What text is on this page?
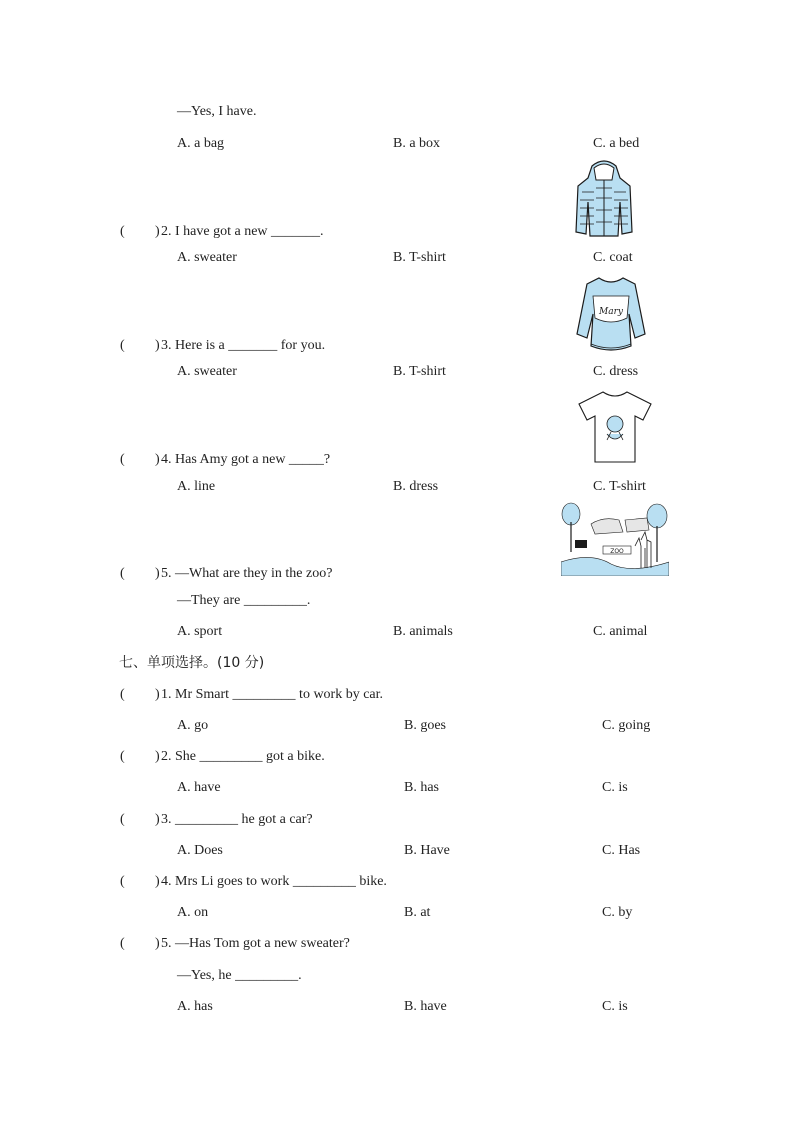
—Yes, I have.
A. a bag	B. a box	C. a bed
( ) 2. I have got a new _______.
A. sweater	B. T-shirt	C. coat
Mary
( ) 3. Here is a _______ for you.
A. sweater	B. T-shirt	C. dress
( ) 4. Has Amy got a new _____?
A. line	B. dress	C. T-shirt
ZOO
( ) 5. —What are they in the zoo?
—They are _________.
A. sport	B. animals	C. animal
七、单项选择。(10 分)
( ) 1. Mr Smart _________ to work by car.
A. go	B. goes	C. going
( ) 2. She _________ got a bike.
A. have	B. has	C. is
( ) 3. _________ he got a car?
A. Does	B. Have	C. Has
( ) 4. Mrs Li goes to work _________ bike.
A. on	B. at	C. by
( ) 5. —Has Tom got a new sweater?
—Yes, he _________.
A. has	B. have	C. is
